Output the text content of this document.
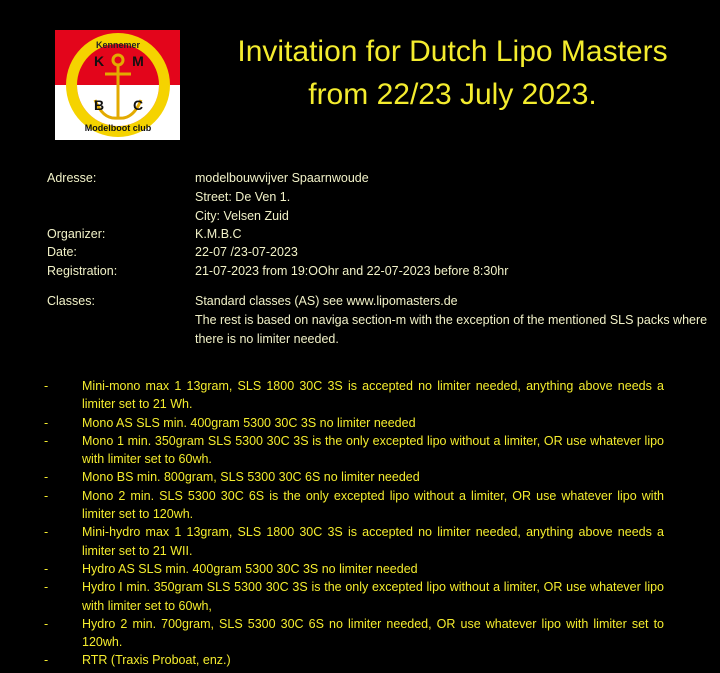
Kennemer
K M
B C
Modelboot club
Invitation for Dutch Lipo Masters
from 22/23 July 2023.
Adresse:	modelbouwvijver Spaarnwoude
Street: De Ven 1.
City: Velsen Zuid
Organizer:	K.M.B.C
Date:	22-07 /23-07-2023
Registration:	21-07-2023 from 19:OOhr and 22-07-2023 before 8:30hr
Classes:	Standard classes (AS) see www.lipomasters.de
The rest is based on naviga section-m with the exception of the mentioned SLS packs where there is no limiter needed.

-	Mini-mono max 1 13gram, SLS 1800 30C 3S is accepted no limiter needed, anything above needs a limiter set to 21 Wh.

-	Mono AS SLS min. 400gram 5300 30C 3S no limiter needed

-	Mono 1 min. 350gram SLS 5300 30C 3S is the only excepted lipo without a limiter, OR use whatever lipo with limiter set to 60wh.

-	Mono BS min. 800gram, SLS 5300 30C 6S no limiter needed

-	Mono 2 min. SLS 5300 30C 6S is the only excepted lipo without a limiter, OR use whatever lipo with limiter set to 120wh.

-	Mini-hydro max 1 13gram, SLS 1800 30C 3S is accepted no limiter needed, anything above needs a limiter set to 21 WII.

-	Hydro AS SLS min. 400gram 5300 30C 3S no limiter needed

-	Hydro I min. 350gram SLS 5300 30C 3S is the only excepted lipo without a limiter, OR use whatever lipo with limiter set to 60wh,

-	Hydro 2 min. 700gram, SLS 5300 30C 6S no limiter needed, OR use whatever lipo with limiter set to 120wh.

-	RTR (Traxis Proboat, enz.)
